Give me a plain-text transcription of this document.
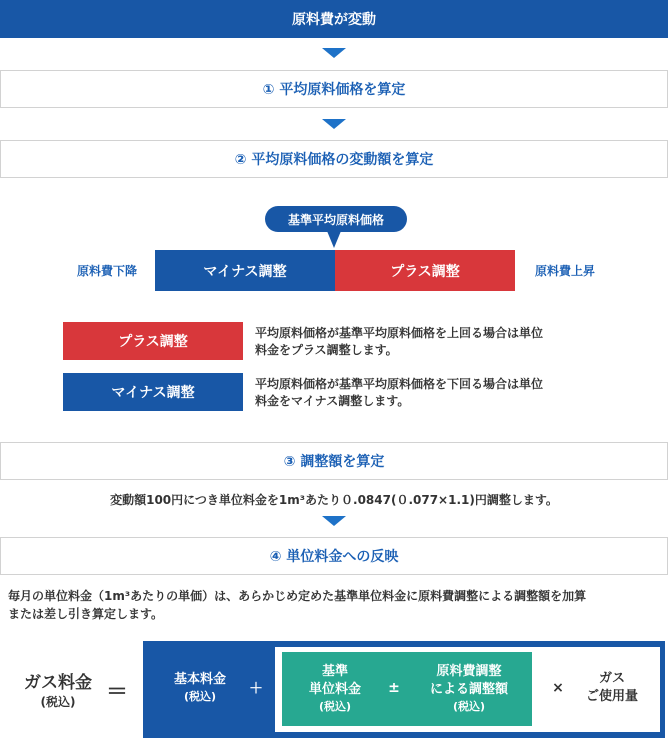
原料費が変動
① 平均原料価格を算定
② 平均原料価格の変動額を算定
基準平均原料価格
原料費下降	マイナス調整	プラス調整	原料費上昇
プラス調整
平均原料価格が基準平均原料価格を上回る場合は単位
料金をプラス調整します。
マイナス調整
平均原料価格が基準平均原料価格を下回る場合は単位
料金をマイナス調整します。
③ 調整額を算定
変動額100円につき単位料金を1m³あたり０.0847(０.077×1.1)円調整します。
④ 単位料金への反映
毎月の単位料金（1m³あたりの単価）は、あらかじめ定めた基準単位料金に原料費調整による調整額を加算
または差し引き算定します。
ガス料金
(税込) ＝	基本料金
(税込) ＋
基準
単位料金
(税込)
±
原料費調整
による調整額
(税込)
×
ガス
ご使用量
